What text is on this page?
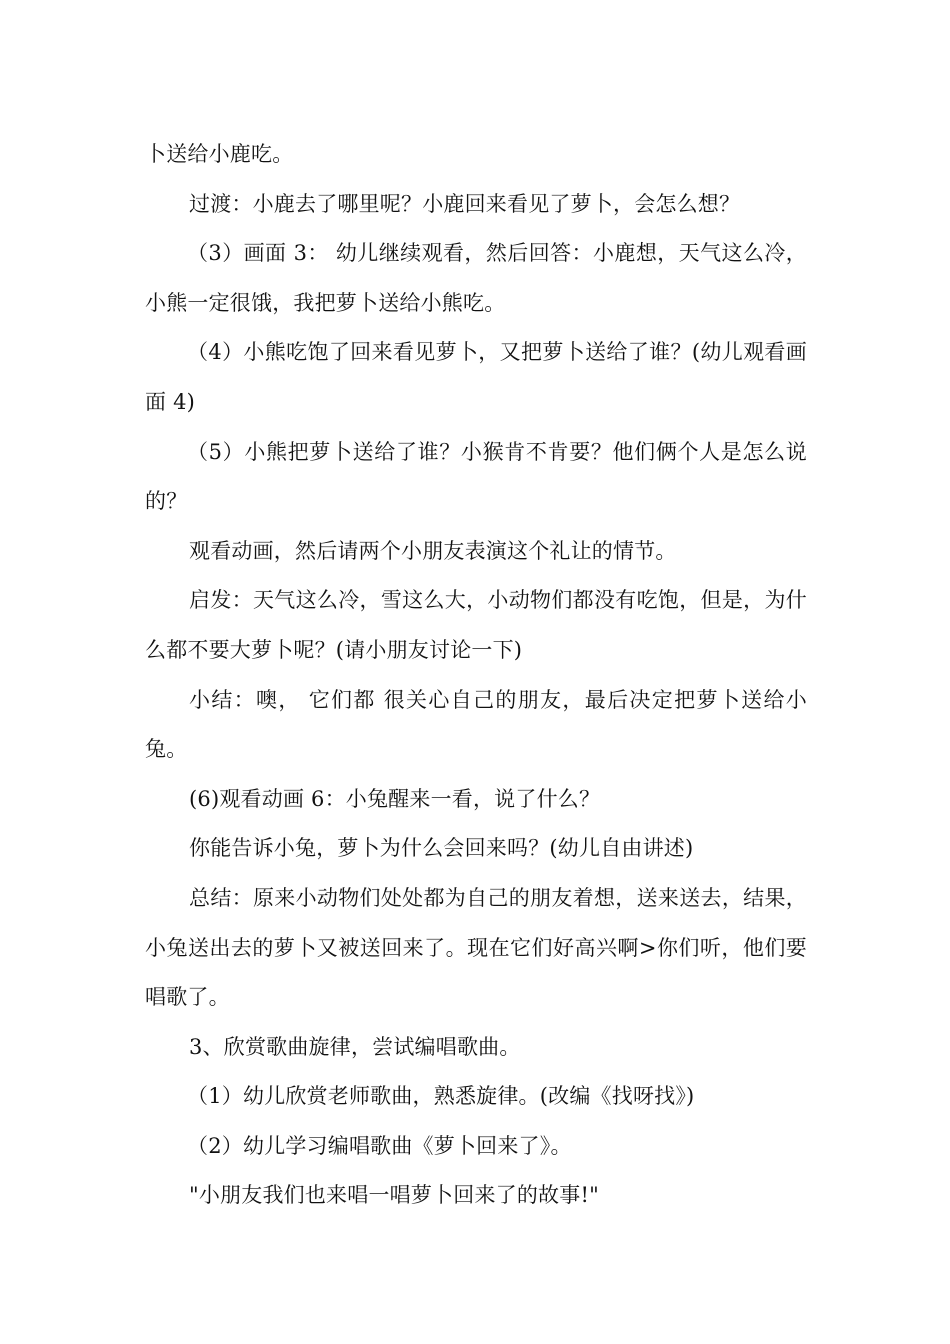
卜送给小鹿吃。

过渡：小鹿去了哪里呢？小鹿回来看见了萝卜，会怎么想？

（3）画面 3： 幼儿继续观看，然后回答：小鹿想，天气这么冷，小熊一定很饿，我把萝卜送给小熊吃。

（4）小熊吃饱了回来看见萝卜，又把萝卜送给了谁？(幼儿观看画面 4)

（5）小熊把萝卜送给了谁？小猴肯不肯要？他们俩个人是怎么说的？

观看动画，然后请两个小朋友表演这个礼让的情节。

启发：天气这么冷，雪这么大，小动物们都没有吃饱，但是，为什么都不要大萝卜呢？(请小朋友讨论一下)

小结：噢， 它们都 很关心自己的朋友，最后决定把萝卜送给小兔。

(6)观看动画 6：小兔醒来一看，说了什么？

你能告诉小兔，萝卜为什么会回来吗？(幼儿自由讲述)

总结：原来小动物们处处都为自己的朋友着想，送来送去，结果，小兔送出去的萝卜又被送回来了。现在它们好高兴啊>你们听，他们要唱歌了。

3、欣赏歌曲旋律，尝试编唱歌曲。

（1）幼儿欣赏老师歌曲，熟悉旋律。(改编《找呀找》)

（2）幼儿学习编唱歌曲《萝卜回来了》。

"小朋友我们也来唱一唱萝卜回来了的故事!"
